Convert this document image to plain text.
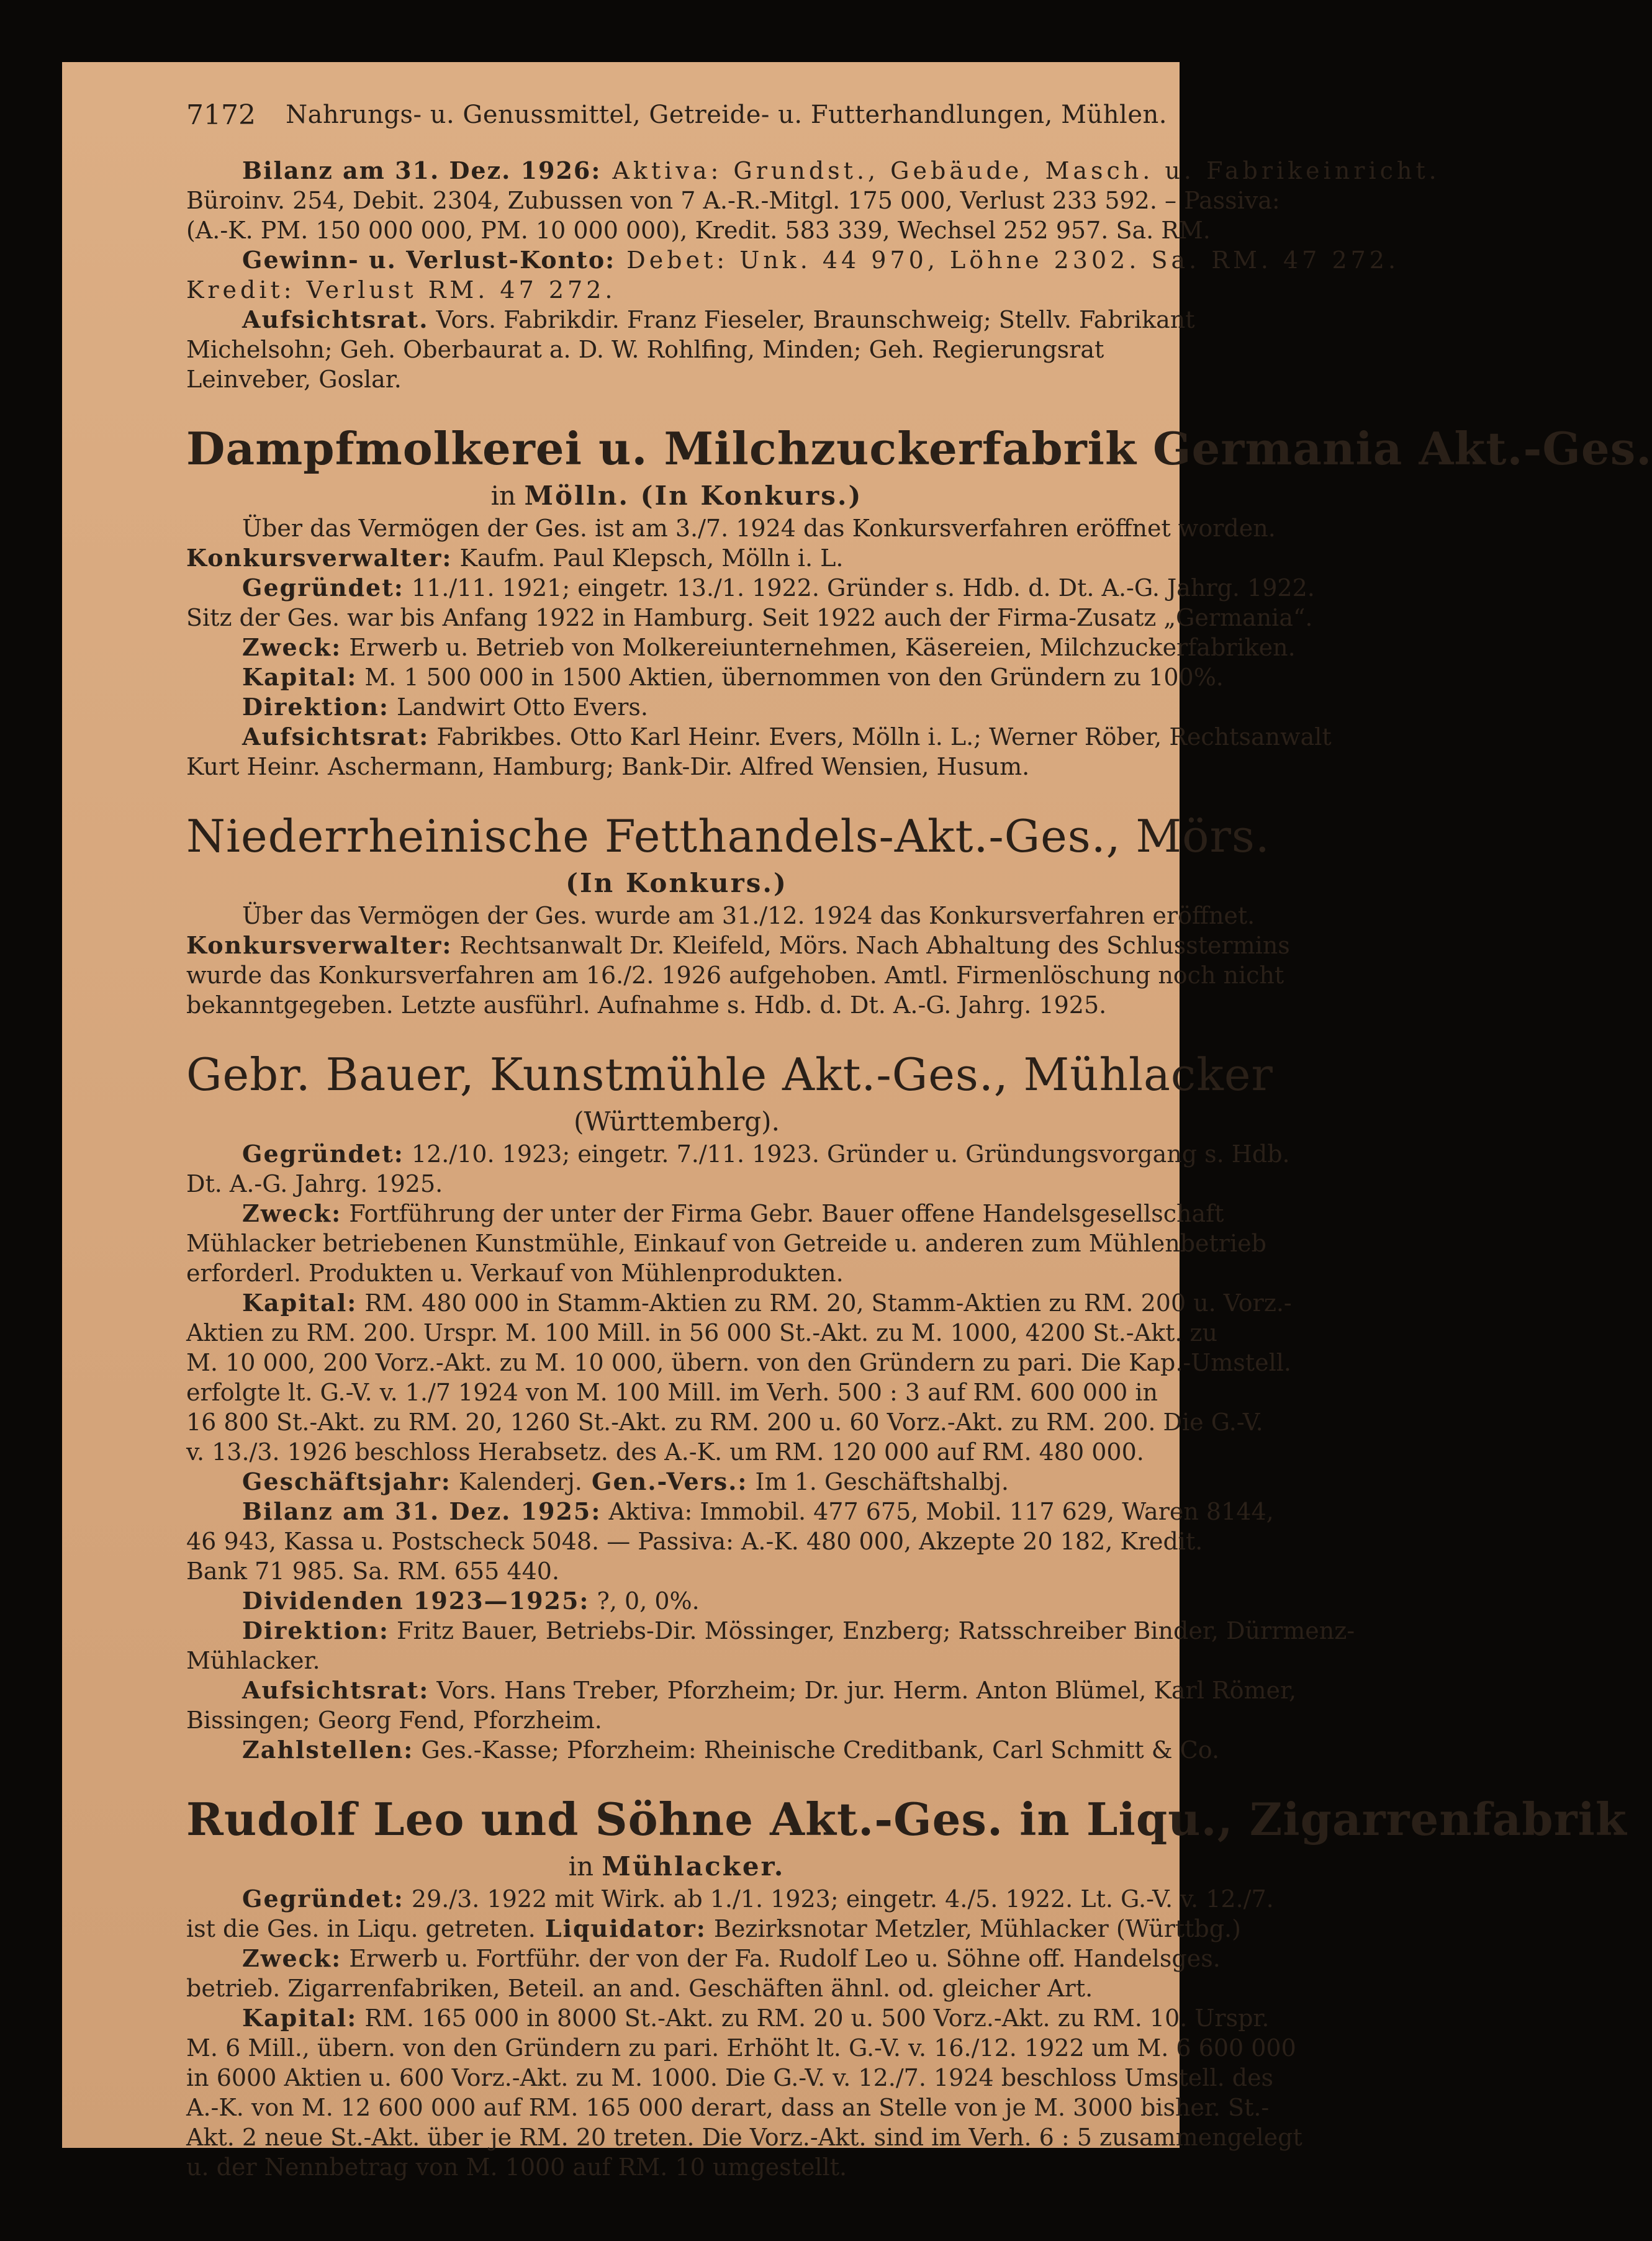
7172	Nahrungs- u. Genussmittel, Getreide- u. Futterhandlungen, Mühlen.
Bilanz am 31. Dez. 1926: Aktiva: Grundst., Gebäude, Masch. u. Fabrikeinricht.
Büroinv. 254, Debit. 2304, Zubussen von 7 A.-R.-Mitgl. 175 000, Verlust 233 592. – Passiva:
(A.-K. PM. 150 000 000, PM. 10 000 000), Kredit. 583 339, Wechsel 252 957. Sa. RM.
Gewinn- u. Verlust-Konto: Debet: Unk. 44 970, Löhne 2302. Sa. RM. 47 272.
Kredit: Verlust RM. 47 272.
Aufsichtsrat. Vors. Fabrikdir. Franz Fieseler, Braunschweig; Stellv. Fabrikant
Michelsohn; Geh. Oberbaurat a. D. W. Rohlfing, Minden; Geh. Regierungsrat
Leinveber, Goslar.
Dampfmolkerei u. Milchzuckerfabrik Germania Akt.-Ges.
in Mölln. (In Konkurs.)
Über das Vermögen der Ges. ist am 3./7. 1924 das Konkursverfahren eröffnet worden.
Konkursverwalter: Kaufm. Paul Klepsch, Mölln i. L.
Gegründet: 11./11. 1921; eingetr. 13./1. 1922. Gründer s. Hdb. d. Dt. A.-G. Jahrg. 1922.
Sitz der Ges. war bis Anfang 1922 in Hamburg. Seit 1922 auch der Firma-Zusatz „Germania“.
Zweck: Erwerb u. Betrieb von Molkereiunternehmen, Käsereien, Milchzuckerfabriken.
Kapital: M. 1 500 000 in 1500 Aktien, übernommen von den Gründern zu 100%.
Direktion: Landwirt Otto Evers.
Aufsichtsrat: Fabrikbes. Otto Karl Heinr. Evers, Mölln i. L.; Werner Röber, Rechtsanwalt
Kurt Heinr. Aschermann, Hamburg; Bank-Dir. Alfred Wensien, Husum.
Niederrheinische Fetthandels-Akt.-Ges., Mörs.
(In Konkurs.)
Über das Vermögen der Ges. wurde am 31./12. 1924 das Konkursverfahren eröffnet.
Konkursverwalter: Rechtsanwalt Dr. Kleifeld, Mörs. Nach Abhaltung des Schlusstermins
wurde das Konkursverfahren am 16./2. 1926 aufgehoben. Amtl. Firmenlöschung noch nicht
bekanntgegeben. Letzte ausführl. Aufnahme s. Hdb. d. Dt. A.-G. Jahrg. 1925.
Gebr. Bauer, Kunstmühle Akt.-Ges., Mühlacker
(Württemberg).
Gegründet: 12./10. 1923; eingetr. 7./11. 1923. Gründer u. Gründungsvorgang s. Hdb.
Dt. A.-G. Jahrg. 1925.
Zweck: Fortführung der unter der Firma Gebr. Bauer offene Handelsgesellschaft
Mühlacker betriebenen Kunstmühle, Einkauf von Getreide u. anderen zum Mühlenbetrieb
erforderl. Produkten u. Verkauf von Mühlenprodukten.
Kapital: RM. 480 000 in Stamm-Aktien zu RM. 20, Stamm-Aktien zu RM. 200 u. Vorz.-
Aktien zu RM. 200. Urspr. M. 100 Mill. in 56 000 St.-Akt. zu M. 1000, 4200 St.-Akt. zu
M. 10 000, 200 Vorz.-Akt. zu M. 10 000, übern. von den Gründern zu pari. Die Kap.-Umstell.
erfolgte lt. G.-V. v. 1./7 1924 von M. 100 Mill. im Verh. 500 : 3 auf RM. 600 000 in
16 800 St.-Akt. zu RM. 20, 1260 St.-Akt. zu RM. 200 u. 60 Vorz.-Akt. zu RM. 200. Die G.-V.
v. 13./3. 1926 beschloss Herabsetz. des A.-K. um RM. 120 000 auf RM. 480 000.
Geschäftsjahr: Kalenderj. Gen.-Vers.: Im 1. Geschäftshalbj.
Bilanz am 31. Dez. 1925: Aktiva: Immobil. 477 675, Mobil. 117 629, Waren 8144,
46 943, Kassa u. Postscheck 5048. — Passiva: A.-K. 480 000, Akzepte 20 182, Kredit.
Bank 71 985. Sa. RM. 655 440.
Dividenden 1923—1925: ?, 0, 0%.
Direktion: Fritz Bauer, Betriebs-Dir. Mössinger, Enzberg; Ratsschreiber Binder, Dürrmenz-
Mühlacker.
Aufsichtsrat: Vors. Hans Treber, Pforzheim; Dr. jur. Herm. Anton Blümel, Karl Römer,
Bissingen; Georg Fend, Pforzheim.
Zahlstellen: Ges.-Kasse; Pforzheim: Rheinische Creditbank, Carl Schmitt & Co.
Rudolf Leo und Söhne Akt.-Ges. in Liqu., Zigarrenfabrik
in Mühlacker.
Gegründet: 29./3. 1922 mit Wirk. ab 1./1. 1923; eingetr. 4./5. 1922. Lt. G.-V. v. 12./7.
ist die Ges. in Liqu. getreten. Liquidator: Bezirksnotar Metzler, Mühlacker (Württbg.)
Zweck: Erwerb u. Fortführ. der von der Fa. Rudolf Leo u. Söhne off. Handelsges.
betrieb. Zigarrenfabriken, Beteil. an and. Geschäften ähnl. od. gleicher Art.
Kapital: RM. 165 000 in 8000 St.-Akt. zu RM. 20 u. 500 Vorz.-Akt. zu RM. 10. Urspr.
M. 6 Mill., übern. von den Gründern zu pari. Erhöht lt. G.-V. v. 16./12. 1922 um M. 6 600 000
in 6000 Aktien u. 600 Vorz.-Akt. zu M. 1000. Die G.-V. v. 12./7. 1924 beschloss Umstell. des
A.-K. von M. 12 600 000 auf RM. 165 000 derart, dass an Stelle von je M. 3000 bisher. St.-
Akt. 2 neue St.-Akt. über je RM. 20 treten. Die Vorz.-Akt. sind im Verh. 6 : 5 zusammengelegt
u. der Nennbetrag von M. 1000 auf RM. 10 umgestellt.
